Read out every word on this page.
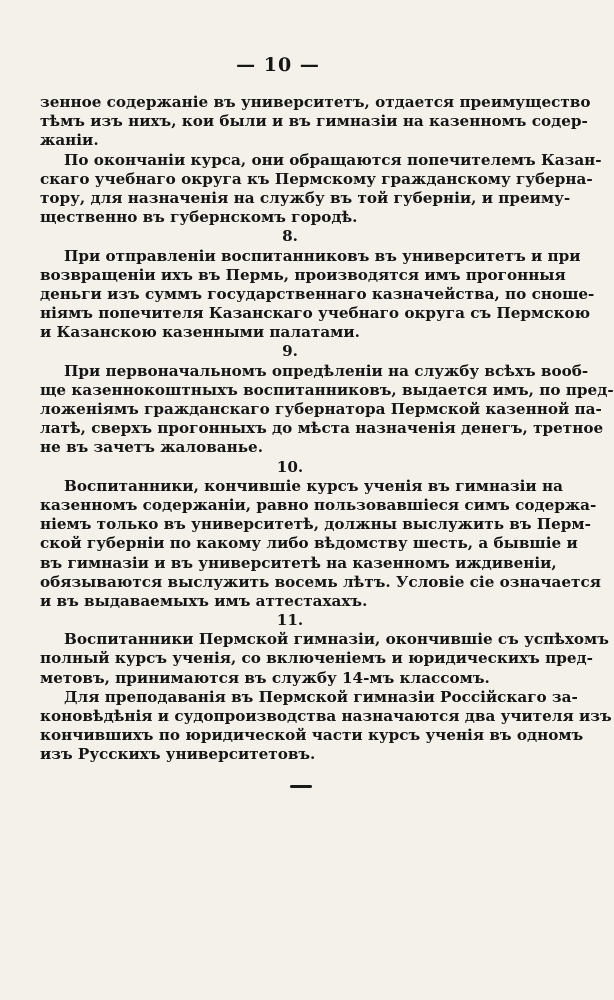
— 10 —
зенное содержаніе въ университетъ, отдается преимущество
тѣмъ изъ нихъ, кои были и въ гимназіи на казенномъ содер-
жаніи.
По окончаніи курса, они обращаются попечителемъ Казан-
скаго учебнаго округа къ Пермскому гражданскому губерна-
тору, для назначенія на службу въ той губерніи, и преиму-
щественно въ губернскомъ городѣ.
8.
При отправленіи воспитанниковъ въ университетъ и при
возвращеніи ихъ въ Пермь, производятся имъ прогонныя
деньги изъ суммъ государственнаго казначейства, по сноше-
ніямъ попечителя Казанскаго учебнаго округа съ Пермскою
и Казанскою казенными палатами.
9.
При первоначальномъ опредѣленіи на службу всѣхъ вооб-
ще казеннокоштныхъ воспитанниковъ, выдается имъ, по пред-
ложеніямъ гражданскаго губернатора Пермской казенной па-
латѣ, сверхъ прогонныхъ до мѣста назначенія денегъ, третное
не въ зачетъ жалованье.
10.
Воспитанники, кончившіе курсъ ученія въ гимназіи на
казенномъ содержаніи, равно пользовавшіеся симъ содержа-
ніемъ только въ университетѣ, должны выслужить въ Перм-
ской губерніи по какому либо вѣдомству шесть, а бывшіе и
въ гимназіи и въ университетѣ на казенномъ иждивеніи,
обязываются выслужить восемь лѣтъ. Условіе сіе означается
и въ выдаваемыхъ имъ аттестахахъ.
11.
Воспитанники Пермской гимназіи, окончившіе съ успѣхомъ
полный курсъ ученія, со включеніемъ и юридическихъ пред-
метовъ, принимаются въ службу 14-мъ классомъ.
Для преподаванія въ Пермской гимназіи Россійскаго за-
коновѣдѣнія и судопроизводства назначаются два учителя изъ
кончившихъ по юридической части курсъ ученія въ одномъ
изъ Русскихъ университетовъ.
